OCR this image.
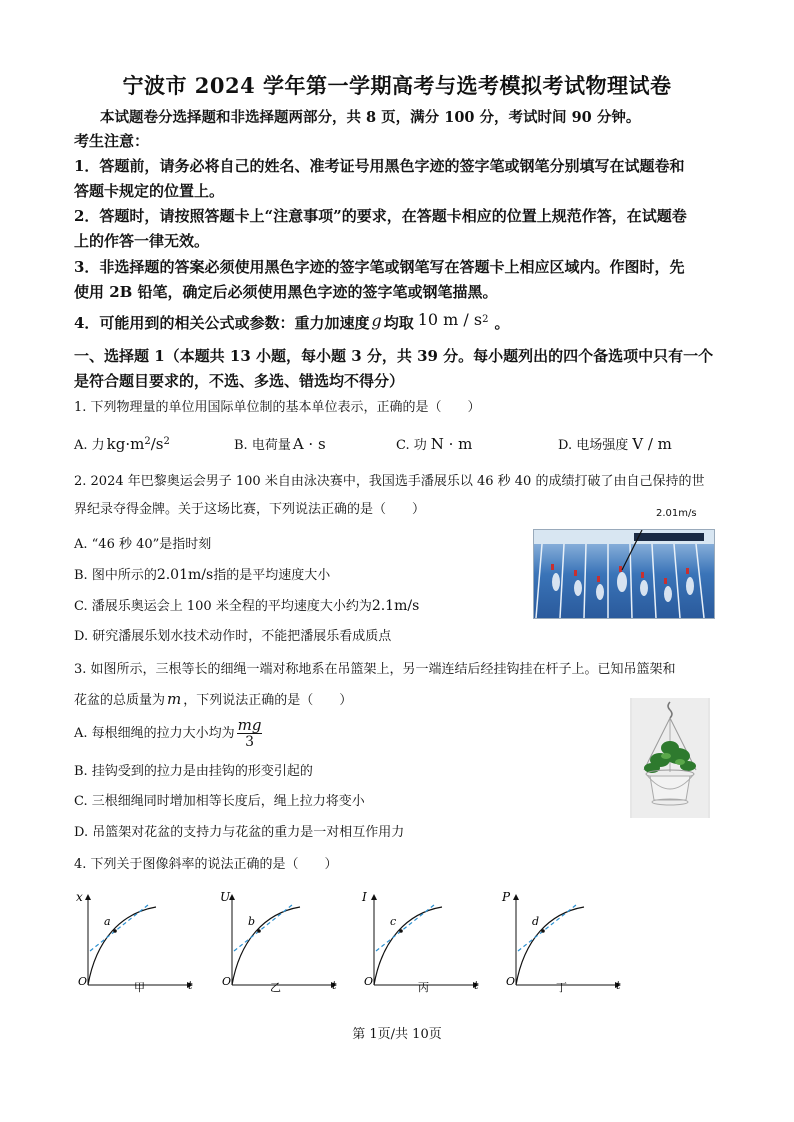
宁波市 2024 学年第一学期高考与选考模拟考试物理试卷
本试题卷分选择题和非选择题两部分，共 8 页，满分 100 分，考试时间 90 分钟。
考生注意：
1．答题前，请务必将自己的姓名、准考证号用黑色字迹的签字笔或钢笔分别填写在试题卷和
答题卡规定的位置上。
2．答题时，请按照答题卡上“注意事项”的要求，在答题卡相应的位置上规范作答，在试题卷
上的作答一律无效。
3．非选择题的答案必须使用黑色字迹的签字笔或钢笔写在答题卡上相应区域内。作图时，先
使用 2B 铅笔，确定后必须使用黑色字迹的签字笔或钢笔描黑。
4．可能用到的相关公式或参数：重力加速度 g 均取 10 m / $s^2$ 。
一、选择题 1（本题共 13 小题，每小题 3 分，共 39 分。每小题列出的四个备选项中只有一个
是符合题目要求的，不选、多选、错选均不得分）
1. 下列物理量的单位用国际单位制的基本单位表示，正确的是（　　）
A. 力 $kg\cdot m^2$ $/s^2$	B. 电荷量 A · s	C. 功 N · m	D. 电场强度 V / m
2. 2024 年巴黎奥运会男子 100 米自由泳决赛中，我国选手潘展乐以 46 秒 40 的成绩打破了由自己保持的世
界纪录夺得金牌。关于这场比赛，下列说法正确的是（　　）
A. “46 秒 40”是指时刻
B. 图中所示的 2.01m/s 指的是平均速度大小
C. 潘展乐奥运会上 100 米全程的平均速度大小约为 2.1m/s
D. 研究潘展乐划水技术动作时，不能把潘展乐看成质点
2.01m/s
3. 如图所示，三根等长的细绳一端对称地系在吊篮架上，另一端连结后经挂钩挂在杆子上。已知吊篮架和
花盆的总质量为 m ，下列说法正确的是（　　）
A. 每根细绳的拉力大小均为 $\frac{mg}{3}$
B. 挂钩受到的拉力是由挂钩的形变引起的
C. 三根细绳同时增加相等长度后，绳上拉力将变小
D. 吊篮架对花盆的支持力与花盆的重力是一对相互作用力
4. 下列关于图像斜率的说法正确的是（　　）
x
a
O	t
甲
U
b
O	t
乙
I
c
O	t
丙
P
d
O	t
丁
第 1页/共 10页
